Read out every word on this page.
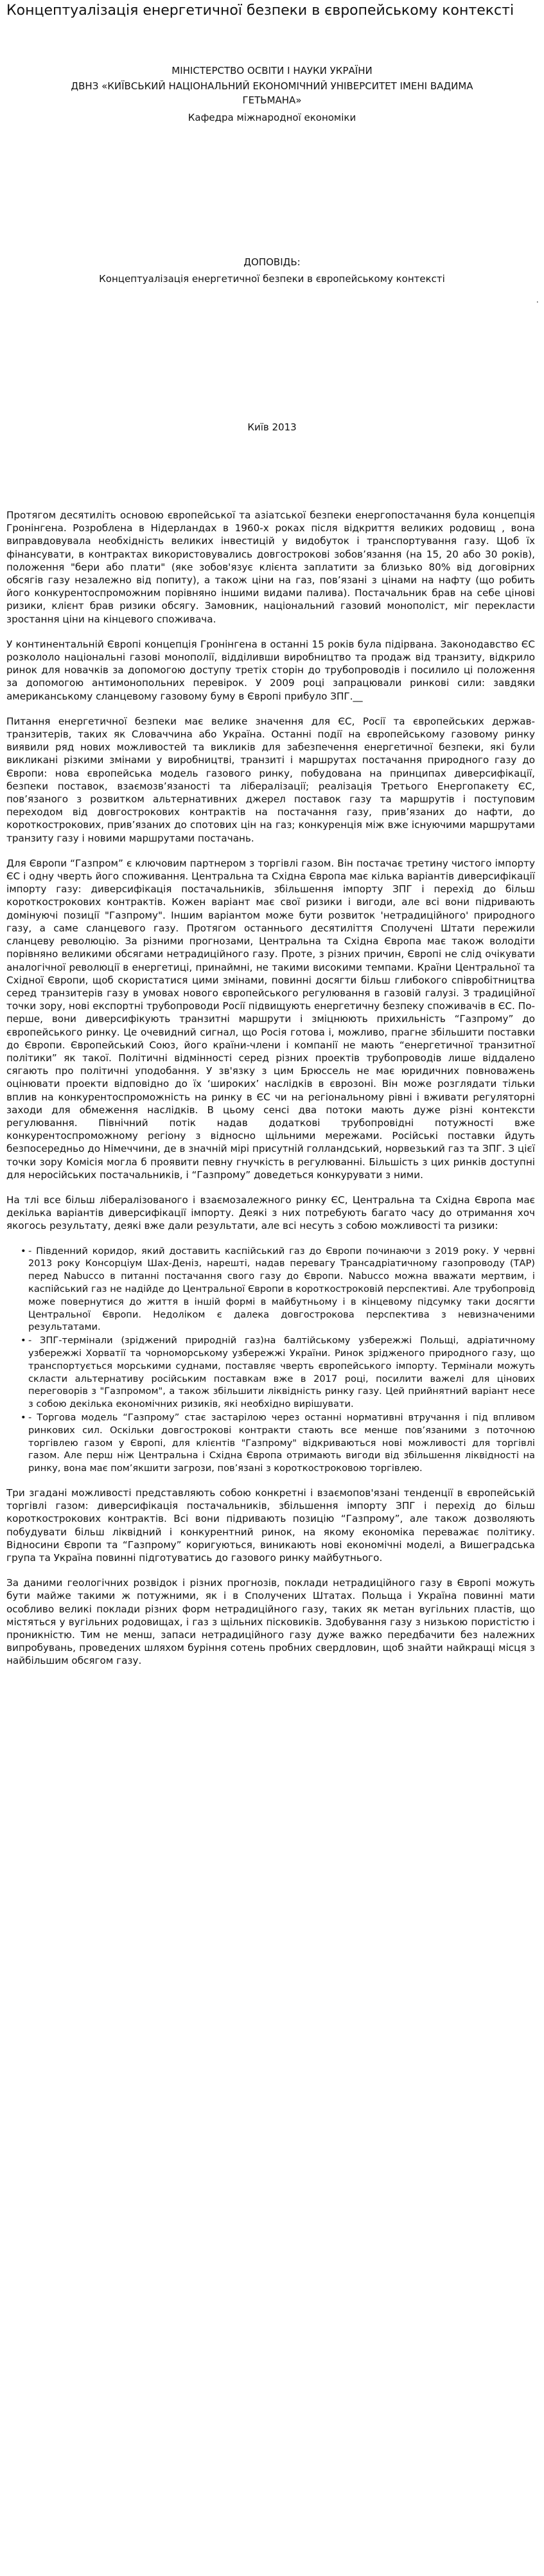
Концептуалізація енергетичної безпеки в європейському контексті
МІНІСТЕРСТВО ОСВІТИ І НАУКИ УКРАЇНИ
ДВНЗ «КИЇВСЬКИЙ НАЦІОНАЛЬНИЙ ЕКОНОМІЧНИЙ УНІВЕРСИТЕТ ІМЕНІ ВАДИМА
ГЕТЬМАНА»
Кафедра міжнародної економіки
ДОПОВІДЬ:
Концептуалізація енергетичної безпеки в європейському контексті
.
Київ 2013

Протягом десятиліть основою європейської та азіатської безпеки енергопостачання була концепція Гронінгена. Розроблена в Нідерландах в 1960-х роках після відкриття великих родовищ , вона виправдовувала необхідність великих інвестицій у видобуток і транспортування газу. Щоб їх фінансувати, в контрактах використовувались довгострокові зобов’язання (на 15, 20 або 30 років), положення "бери або плати" (яке зобов'язує клієнта заплатити за близько 80% від договірних обсягів газу незалежно від попиту), а також ціни на газ, пов’язані з цінами на нафту (що робить його конкурентоспроможним порівняно іншими видами палива). Постачальник брав на себе цінові ризики, клієнт брав ризики обсягу. Замовник, національний газовий монополіст, міг перекласти зростання ціни на кінцевого споживача.

У континентальній Європі концепція Гронінгена в останні 15 років була підірвана. Законодавство ЄС розкололо національні газові монополії, відділивши виробництво та продаж від транзиту, відкрило ринок для новачків за допомогою доступу третіх сторін до трубопроводів і посилило ці положення за допомогою антимонопольних перевірок. У 2009 році запрацювали ринкові сили: завдяки американському сланцевому газовому буму в Європі прибуло ЗПГ.__

Питання енергетичної безпеки має велике значення для ЄС, Росії та європейських держав-транзитерів, таких як Словаччина або Україна. Останні події на європейському газовому ринку виявили ряд нових можливостей та викликів для забезпечення енергетичної безпеки, які були викликані різкими змінами у виробництві, транзиті і маршрутах постачання природного газу до Європи: нова європейська модель газового ринку, побудована на принципах диверсифікації, безпеки поставок, взаємозв’язаності та лібералізації; реалізація Третього Енергопакету ЄС, пов’язаного з розвитком альтернативних джерел поставок газу та маршрутів і поступовим переходом від довгострокових контрактів на постачання газу, прив’язаних до нафти, до короткострокових, прив’язаних до спотових цін на газ; конкуренція між вже існуючими маршрутами транзиту газу і новими маршрутами постачань.

Для Європи “Газпром” є ключовим партнером з торгівлі газом. Він постачає третину чистого імпорту ЄС і одну чверть його споживання. Центральна та Східна Європа має кілька варіантів диверсифікації імпорту газу: диверсифікація постачальників, збільшення імпорту ЗПГ і перехід до більш короткострокових контрактів. Кожен варіант має свої ризики і вигоди, але всі вони підривають домінуючі позиції "Газпрому". Іншим варіантом може бути розвиток 'нетрадиційного' природного газу, а саме сланцевого газу. Протягом останнього десятиліття Сполучені Штати пережили сланцеву революцію. За різними прогнозами, Центральна та Східна Європа має також володіти порівняно великими обсягами нетрадиційного газу. Проте, з різних причин, Європі не слід очікувати аналогічної революції в енергетиці, принаймні, не такими високими темпами. Країни Центральної та Східної Європи, щоб скористатися цими змінами, повинні досягти більш глибокого співробітництва серед транзитерів газу в умовах нового європейського регулювання в газовій галузі. З традиційної точки зору, нові експортні трубопроводи Росії підвищують енергетичну безпеку споживачів в ЄС. По-перше, вони диверсифікують транзитні маршрути і зміцнюють прихильність “Газпрому” до європейського ринку. Це очевидний сигнал, що Росія готова і, можливо, прагне збільшити поставки до Європи. Європейський Союз, його країни-члени і компанії не мають “енергетичної транзитної політики” як такої. Політичні відмінності серед різних проектів трубопроводів лише віддалено сягають про політичні уподобання. У зв'язку з цим Брюссель не має юридичних повноважень оцінювати проекти відповідно до їх ‘широких’ наслідків в єврозоні. Він може розглядати тільки вплив на конкурентоспроможність на ринку в ЄС чи на регіональному рівні і вживати регуляторні заходи для обмеження наслідків. В цьому сенсі два потоки мають дуже різні контексти регулювання. Північний потік надав додаткові трубопровідні потужності вже конкурентоспроможному регіону з відносно щільними мережами. Російські поставки йдуть безпосередньо до Німеччини, де в значній мірі присутній голландський, норвезький газ та ЗПГ. З цієї точки зору Комісія могла б проявити певну гнучкість в регулюванні. Більшість з цих ринків доступні для неросійських постачальників, і “Газпрому” доведеться конкурувати з ними.

На тлі все більш лібералізованого і взаємозалежного ринку ЄС, Центральна та Східна Європа має декілька варіантів диверсифікації імпорту. Деякі з них потребують багато часу до отримання хоч якогось результату, деякі вже дали результати, але всі несуть з собою можливості та ризики:

• - Південний коридор, який доставить каспійський газ до Європи починаючи з 2019 року. У червні 2013 року Консорціум Шах-Деніз, нарешті, надав перевагу Трансадріатичному газопроводу (ТАР) перед Nabucco в питанні постачання свого газу до Європи. Nabucco можна вважати мертвим, і каспійський газ не надійде до Центральної Європи в короткостроковій перспективі. Але трубопровід може повернутися до життя в іншій формі в майбутньому і в кінцевому підсумку таки досягти Центральної Європи. Недоліком є далека довгострокова перспектива з невизначеними результатами.
• - ЗПГ-термінали (зріджений природній газ)на балтійському узбережжі Польщі, адріатичному узбережжі Хорватії та чорноморському узбережжі України. Ринок зрідженого природного газу, що транспортується морськими суднами, поставляє чверть європейського імпорту. Термінали можуть скласти альтернативу російським поставкам вже в 2017 році, посилити важелі для цінових переговорів з "Газпромом", а також збільшити ліквідність ринку газу. Цей прийнятний варіант несе з собою декілька економічних ризиків, які необхідно вирішувати.
• - Торгова модель “Газпрому” стає застарілою через останні нормативні втручання і під впливом ринкових сил. Оскільки довгострокові контракти стають все менше пов’язаними з поточною торгівлею газом у Європі, для клієнтів "Газпрому" відкриваються нові можливості для торгівлі газом. Але перш ніж Центральна і Східна Європа отримають вигоди від збільшення ліквідності на ринку, вона має пом’якшити загрози, пов’язані з короткостроковою торгівлею.

Три згадані можливості представляють собою конкретні і взаємопов'язані тенденції в європейській торгівлі газом: диверсифікація постачальників, збільшення імпорту ЗПГ і перехід до більш короткострокових контрактів. Всі вони підривають позицію “Газпрому”, але також дозволяють побудувати більш ліквідний і конкурентний ринок, на якому економіка переважає політику. Відносини Європи та “Газпрому” коригуються, виникають нові економічні моделі, а Вишеградська група та Україна повинні підготуватись до газового ринку майбутнього.

За даними геологічних розвідок і різних прогнозів, поклади нетрадиційного газу в Європі можуть бути майже такими ж потужними, як і в Сполучених Штатах. Польща і Україна повинні мати особливо великі поклади різних форм нетрадиційного газу, таких як метан вугільних пластів, що містяться у вугільних родовищах, і газ з щільних пісковиків. Здобування газу з низькою пористістю і проникністю. Тим не менш, запаси нетрадиційного газу дуже важко передбачити без належних випробувань, проведених шляхом буріння сотень пробних свердловин, щоб знайти найкращі місця з найбільшим обсягом газу.
